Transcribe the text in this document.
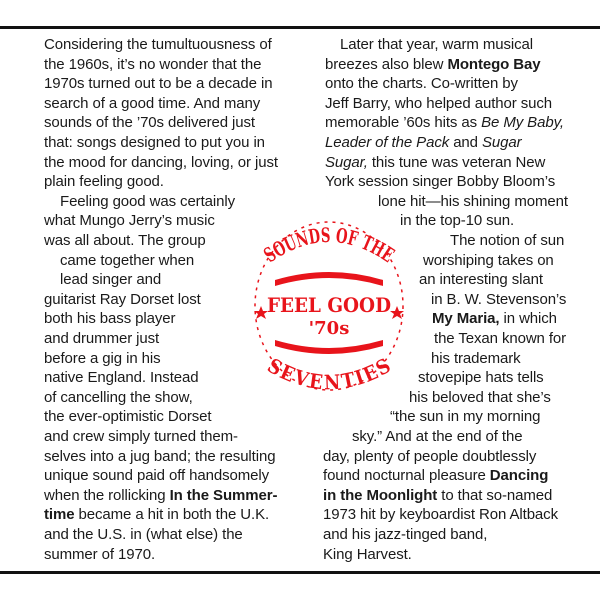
Considering the tumultuousness of
the 1960s, it’s no wonder that the
1970s turned out to be a decade in
search of a good time. And many
sounds of the ’70s delivered just
that: songs designed to put you in
the mood for dancing, loving, or just
plain feeling good.
Feeling good was certainly
what Mungo Jerry’s music
was all about. The group
came together when
lead singer and
guitarist Ray Dorset lost
both his bass player
and drummer just
before a gig in his
native England. Instead
of cancelling the show,
the ever-optimistic Dorset
and crew simply turned them-
selves into a jug band; the resulting
unique sound paid off handsomely
when the rollicking In the Summer-
time became a hit in both the U.K.
and the U.S. in (what else) the
summer of 1970.
Later that year, warm musical
breezes also blew Montego Bay
onto the charts. Co-written by
Jeff Barry, who helped author such
memorable ’60s hits as Be My Baby,
Leader of the Pack and Sugar
Sugar, this tune was veteran New
York session singer Bobby Bloom’s
lone hit—his shining moment
in the top-10 sun.
The notion of sun
worshiping takes on
an interesting slant
in B. W. Stevenson’s
My Maria, in which
the Texan known for
his trademark
stovepipe hats tells
his beloved that she’s
“the sun in my morning
sky.” And at the end of the
day, plenty of people doubtlessly
found nocturnal pleasure Dancing
in the Moonlight to that so-named
1973 hit by keyboardist Ron Altback
and his jazz-tinged band,
King Harvest.
SOUNDS OF THE
FEEL GOOD
'70s
SEVENTIES
